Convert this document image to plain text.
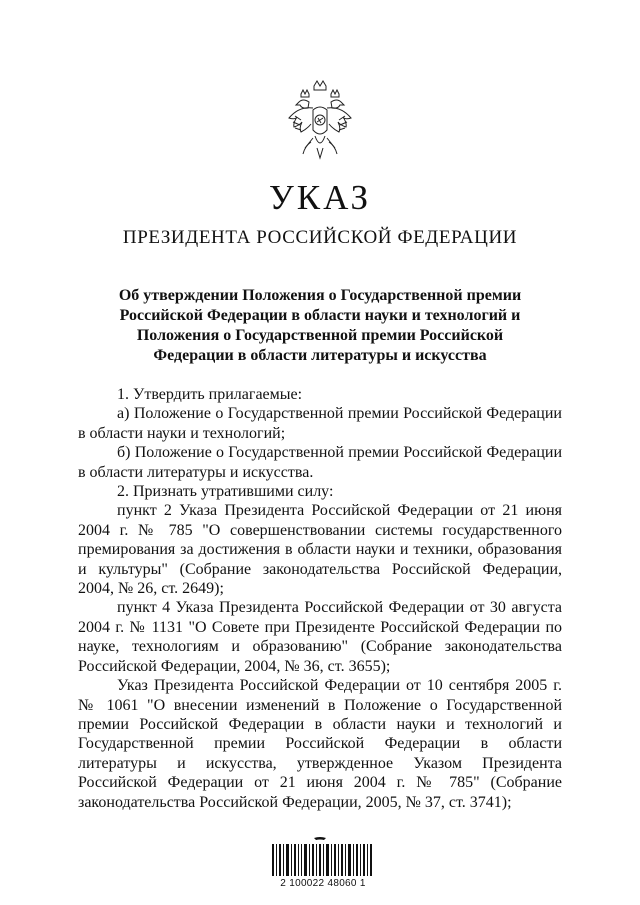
УКАЗ
ПРЕЗИДЕНТА РОССИЙСКОЙ ФЕДЕРАЦИИ
Об утверждении Положения о Государственной премии
Российской Федерации в области науки и технологий и
Положения о Государственной премии Российской
Федерации в области литературы и искусства

1. Утвердить прилагаемые:

а) Положение о Государственной премии Российской Федерации в области науки и технологий;

б) Положение о Государственной премии Российской Федерации в области литературы и искусства.

2. Признать утратившими силу:

пункт 2 Указа Президента Российской Федерации от 21 июня 2004 г. № 785 "О совершенствовании системы государственного премирования за достижения в области науки и техники, образования и культуры" (Собрание законодательства Российской Федерации, 2004, № 26, ст. 2649);

пункт 4 Указа Президента Российской Федерации от 30 августа 2004 г. № 1131 "О Совете при Президенте Российской Федерации по науке, технологиям и образованию" (Собрание законодательства Российской Федерации, 2004, № 36, ст. 3655);

Указ Президента Российской Федерации от 10 сентября 2005 г. № 1061 "О внесении изменений в Положение о Государственной премии Российской Федерации в области науки и технологий и Государственной премии Российской Федерации в области литературы и искусства, утвержденное Указом Президента Российской Федерации от 21 июня 2004 г. № 785" (Собрание законодательства Российской Федерации, 2005, № 37, ст. 3741);

2 100022 48060 1
